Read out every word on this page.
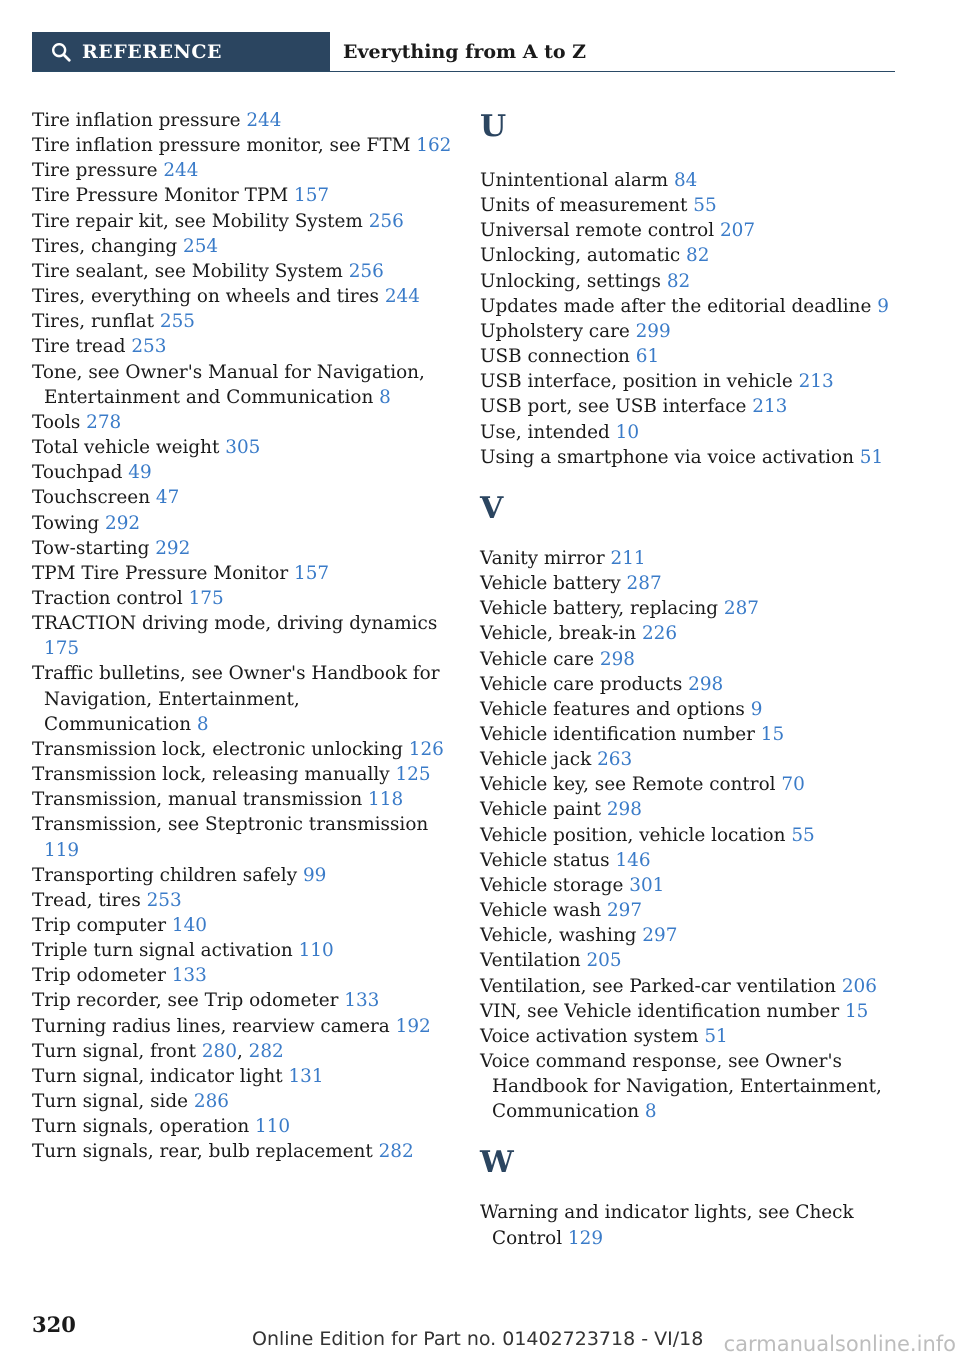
REFERENCE	Everything from A to Z
Tire inflation pressure 244
Tire inflation pressure monitor, see FTM 162
Tire pressure 244
Tire Pressure Monitor TPM 157
Tire repair kit, see Mobility System 256
Tires, changing 254
Tire sealant, see Mobility System 256
Tires, everything on wheels and tires 244
Tires, runflat 255
Tire tread 253
Tone, see Owner's Manual for Navigation, Entertainment and Communication 8
Tools 278
Total vehicle weight 305
Touchpad 49
Touchscreen 47
Towing 292
Tow-starting 292
TPM Tire Pressure Monitor 157
Traction control 175
TRACTION driving mode, driving dynamics 175
Traffic bulletins, see Owner's Handbook for Navigation, Entertainment, Communication 8
Transmission lock, electronic unlocking 126
Transmission lock, releasing manually 125
Transmission, manual transmission 118
Transmission, see Steptronic transmission 119
Transporting children safely 99
Tread, tires 253
Trip computer 140
Triple turn signal activation 110
Trip odometer 133
Trip recorder, see Trip odometer 133
Turning radius lines, rearview camera 192
Turn signal, front 280, 282
Turn signal, indicator light 131
Turn signal, side 286
Turn signals, operation 110
Turn signals, rear, bulb replacement 282
U
Unintentional alarm 84
Units of measurement 55
Universal remote control 207
Unlocking, automatic 82
Unlocking, settings 82
Updates made after the editorial deadline 9
Upholstery care 299
USB connection 61
USB interface, position in vehicle 213
USB port, see USB interface 213
Use, intended 10
Using a smartphone via voice activation 51
V
Vanity mirror 211
Vehicle battery 287
Vehicle battery, replacing 287
Vehicle, break-in 226
Vehicle care 298
Vehicle care products 298
Vehicle features and options 9
Vehicle identification number 15
Vehicle jack 263
Vehicle key, see Remote control 70
Vehicle paint 298
Vehicle position, vehicle location 55
Vehicle status 146
Vehicle storage 301
Vehicle wash 297
Vehicle, washing 297
Ventilation 205
Ventilation, see Parked-car ventilation 206
VIN, see Vehicle identification number 15
Voice activation system 51
Voice command response, see Owner's Handbook for Navigation, Entertainment, Communication 8
W
Warning and indicator lights, see Check Control 129
320
Online Edition for Part no. 01402723718 - VI/18 carmanualsonline.info
